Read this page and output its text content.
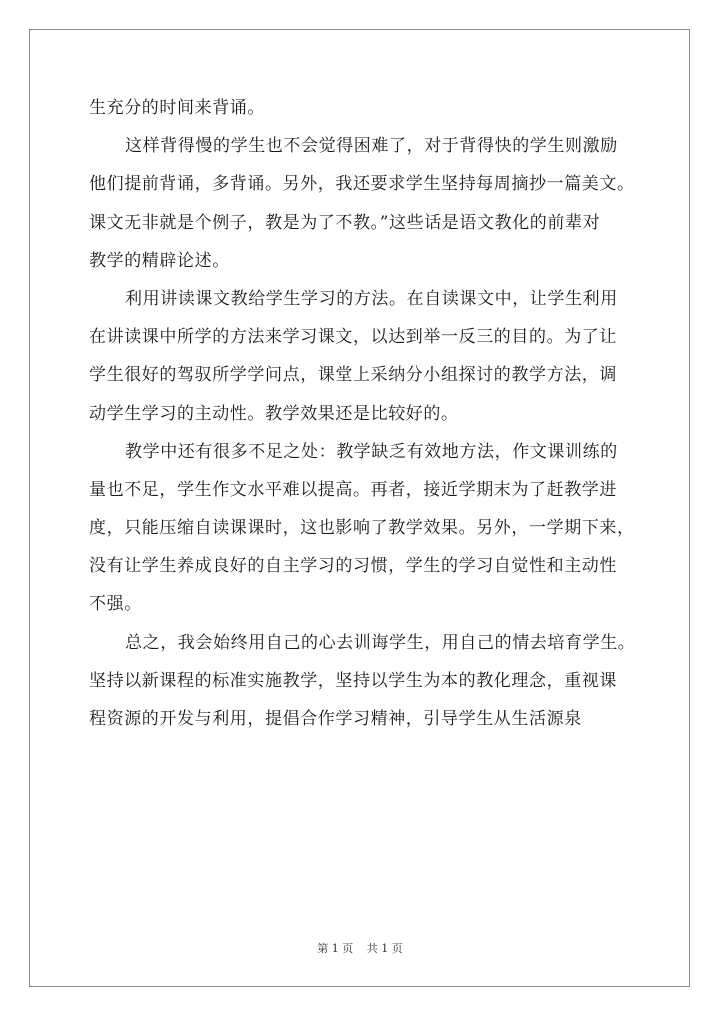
生充分的时间来背诵。
这样背得慢的学生也不会觉得困难了，对于背得快的学生则激励
他们提前背诵，多背诵。另外，我还要求学生坚持每周摘抄一篇美文。
课文无非就是个例子，教是为了不教。”这些话是语文教化的前辈对
教学的精辟论述。
利用讲读课文教给学生学习的方法。在自读课文中，让学生利用
在讲读课中所学的方法来学习课文，以达到举一反三的目的。为了让
学生很好的驾驭所学学问点，课堂上采纳分小组探讨的教学方法，调
动学生学习的主动性。教学效果还是比较好的。
教学中还有很多不足之处：教学缺乏有效地方法，作文课训练的
量也不足，学生作文水平难以提高。再者，接近学期末为了赶教学进
度，只能压缩自读课课时，这也影响了教学效果。另外，一学期下来，
没有让学生养成良好的自主学习的习惯，学生的学习自觉性和主动性
不强。
总之，我会始终用自己的心去训诲学生，用自己的情去培育学生。
坚持以新课程的标准实施教学，坚持以学生为本的教化理念，重视课
程资源的开发与利用，提倡合作学习精神，引导学生从生活源泉
第 1 页 共 1 页
